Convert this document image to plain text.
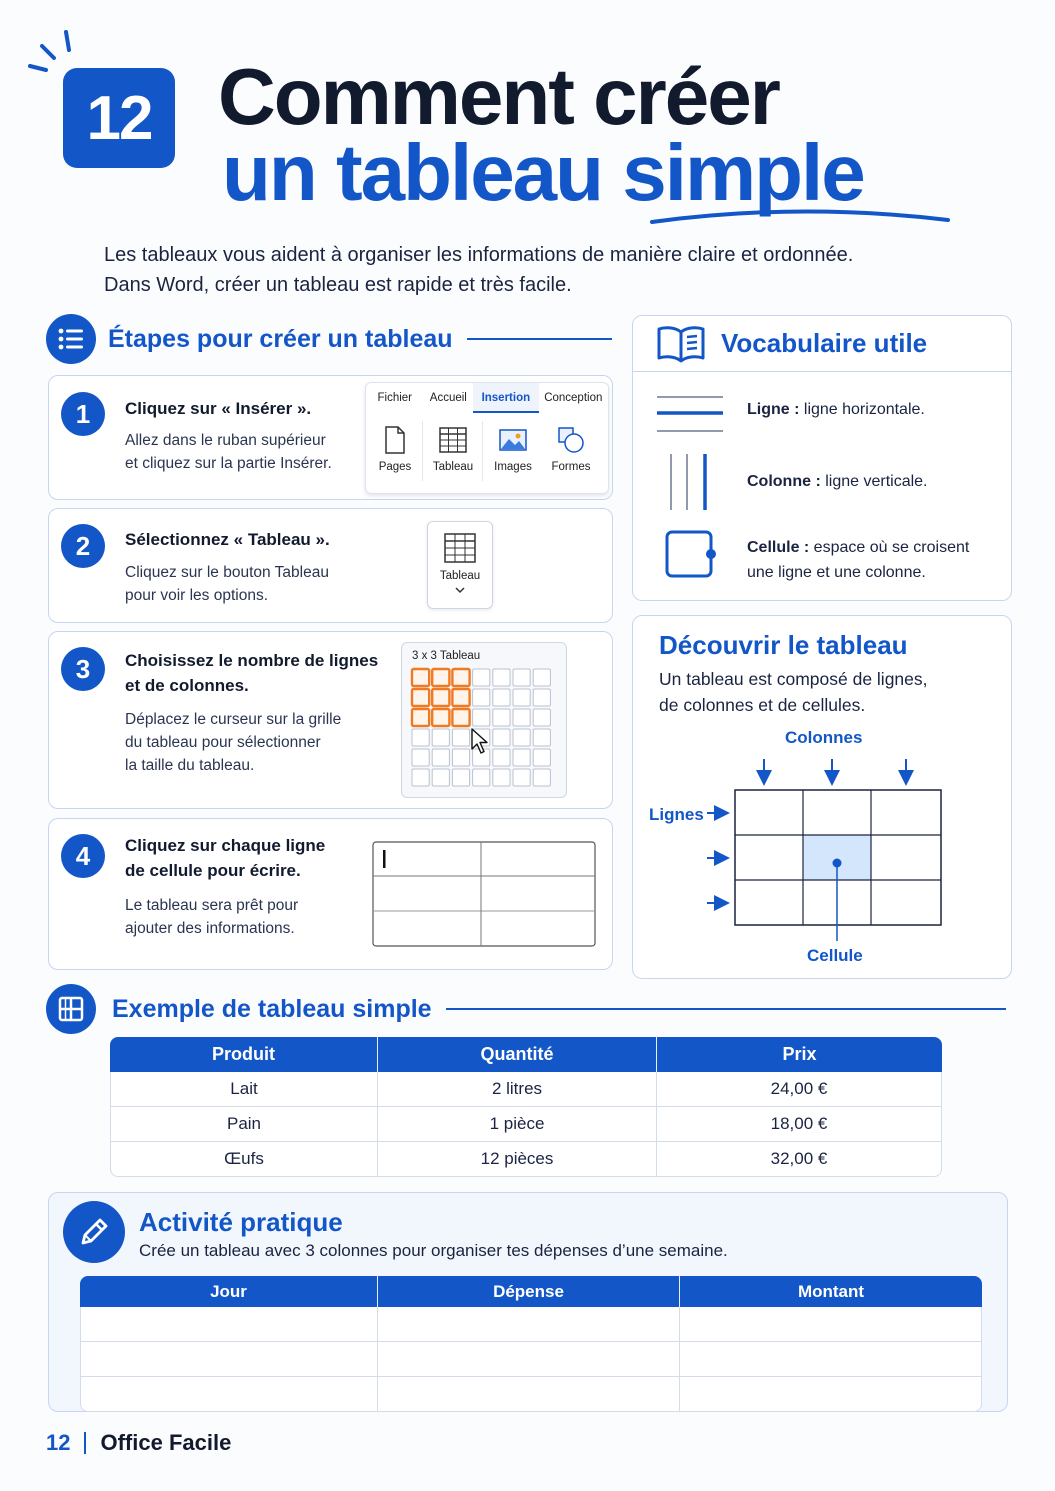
12 Comment créer
un tableau simple
Les tableaux vous aident à organiser les informations de manière claire et ordonnée.
Dans Word, créer un tableau est rapide et très facile.
Étapes pour créer un tableau
1	Cliquez sur « Insérer ».
Allez dans le ruban supérieur
et cliquez sur la partie Insérer.
Fichier	Accueil	Insertion	Conception
Pages	Tableau	Images	Formes
2	Sélectionnez « Tableau ».
Cliquez sur le bouton Tableau
pour voir les options.
Tableau
3	Choisissez le nombre de lignes
et de colonnes.
Déplacez le curseur sur la grille
du tableau pour sélectionner
la taille du tableau.
3 x 3 Tableau
4	Cliquez sur chaque ligne
de cellule pour écrire.
Le tableau sera prêt pour
ajouter des informations.
Vocabulaire utile
Ligne : ligne horizontale.
Colonne : ligne verticale.
Cellule : espace où se croisent
une ligne et une colonne.
Découvrir le tableau
Un tableau est composé de lignes,
de colonnes et de cellules.
Colonnes
Lignes
Cellule
Exemple de tableau simple
Produit	Quantité	Prix
Lait	2 litres	24,00 €
Pain	1 pièce	18,00 €
Œufs	12 pièces	32,00 €
Activité pratique
Crée un tableau avec 3 colonnes pour organiser tes dépenses d’une semaine.
Jour	Dépense	Montant

12 Office Facile
